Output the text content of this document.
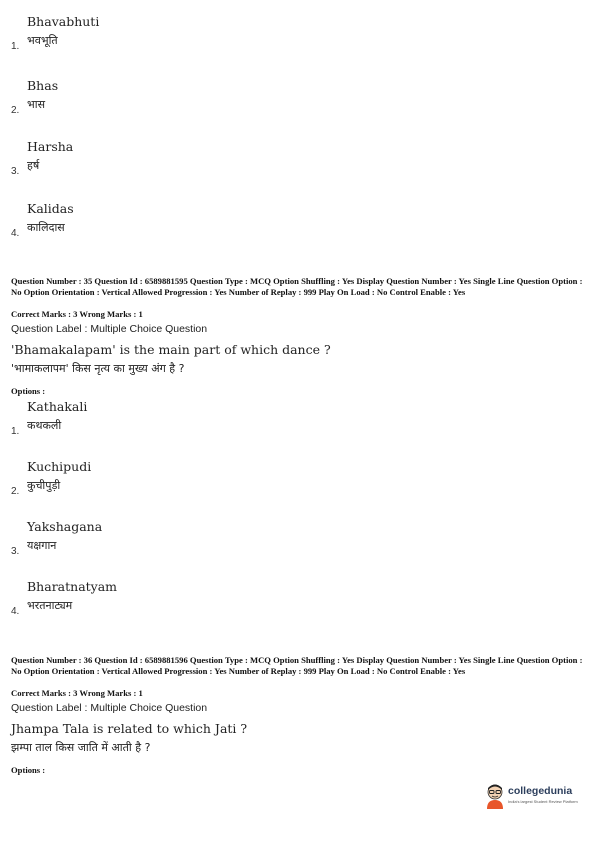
Bhavabhuti
भवभूति
1.
Bhas
भास
2.
Harsha
हर्ष
3.
Kalidas
कालिदास
4.
Question Number : 35 Question Id : 6589881595 Question Type : MCQ Option Shuffling : Yes Display Question Number : Yes Single Line Question Option : No Option Orientation : Vertical Allowed Progression : Yes Number of Replay : 999 Play On Load : No Control Enable : Yes
Correct Marks : 3 Wrong Marks : 1
Question Label : Multiple Choice Question
'Bhamakalapam' is the main part of which dance ?
'भामाकलापम' किस नृत्य का मुख्य अंग है ?
Options :
Kathakali
कथकली
1.
Kuchipudi
कुचीपुड़ी
2.
Yakshagana
यक्षगान
3.
Bharatnatyam
भरतनाट्यम
4.
Question Number : 36 Question Id : 6589881596 Question Type : MCQ Option Shuffling : Yes Display Question Number : Yes Single Line Question Option : No Option Orientation : Vertical Allowed Progression : Yes Number of Replay : 999 Play On Load : No Control Enable : Yes
Correct Marks : 3 Wrong Marks : 1
Question Label : Multiple Choice Question
Jhampa Tala is related to which Jati ?
झम्पा ताल किस जाति में आती है ?
Options :
collegedunia
India's largest Student Review Platform
